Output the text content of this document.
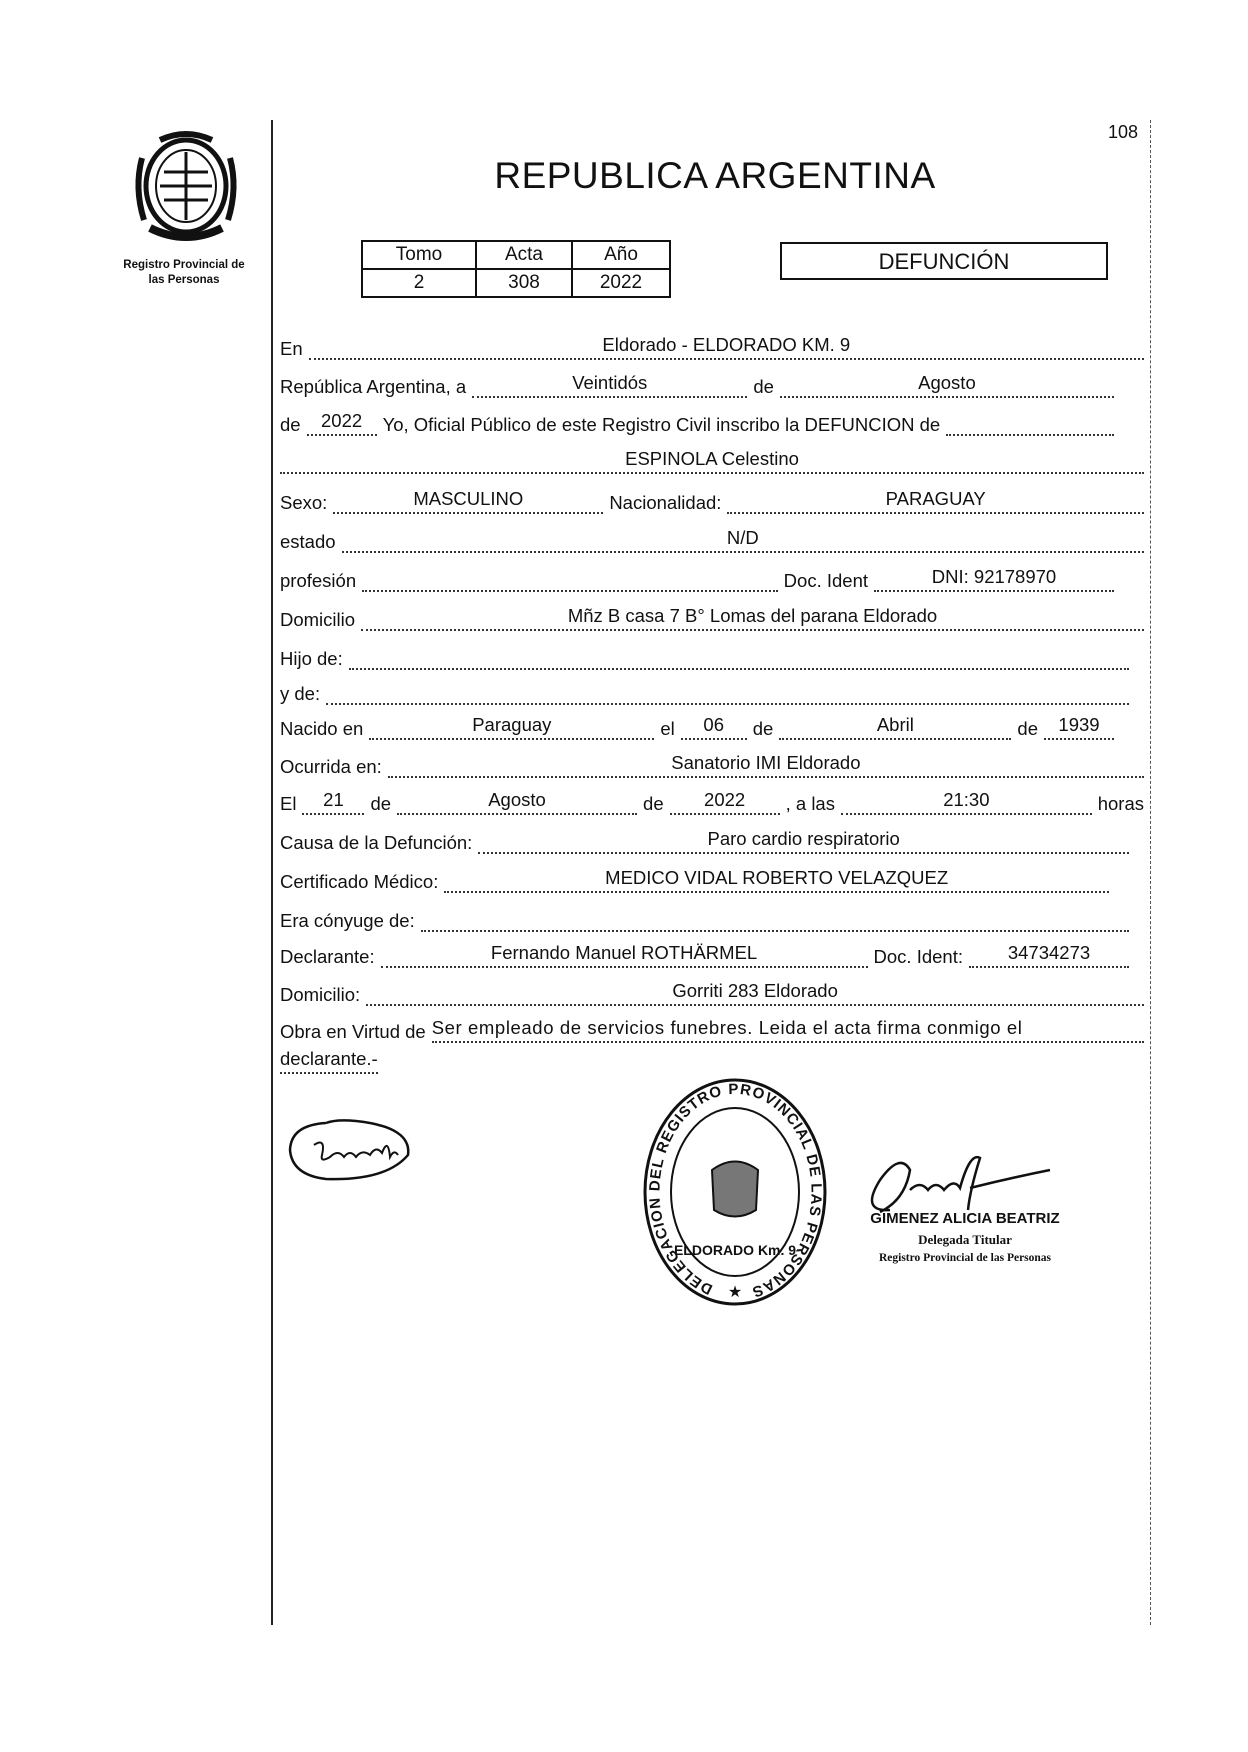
108
REPUBLICA ARGENTINA
Registro Provincial de
las Personas
Tomo	Acta	Año
2	308	2022
DEFUNCIÓN
En	Eldorado - ELDORADO KM. 9
República Argentina, a	Veintidós	de	Agosto
de	2022	Yo, Oficial Público de este Registro Civil inscribo la DEFUNCION de
ESPINOLA Celestino
Sexo:	MASCULINO	Nacionalidad:	PARAGUAY
estado	N/D
profesión	Doc. Ident	DNI: 92178970
Domicilio	Mñz B casa 7 B° Lomas del parana Eldorado
Hijo de:
y de:
Nacido en	Paraguay	el	06	de	Abril	de	1939
Ocurrida en:	Sanatorio IMI Eldorado
El	21	de	Agosto	de	2022	, a las	21:30	horas
Causa de la Defunción:	Paro cardio respiratorio
Certificado Médico:	MEDICO VIDAL ROBERTO VELAZQUEZ
Era cónyuge de:
Declarante:	Fernando Manuel ROTHÄRMEL	Doc. Ident:	34734273
Domicilio:	Gorriti 283 Eldorado
Obra en Virtud de Ser empleado de servicios funebres. Leida el acta firma conmigo el
declarante.-
DELEGACION DEL REGISTRO PROVINCIAL DE LAS PERSONAS
ELDORADO Km. 9
★
GIMENEZ ALICIA BEATRIZ
Delegada Titular
Registro Provincial de las Personas
